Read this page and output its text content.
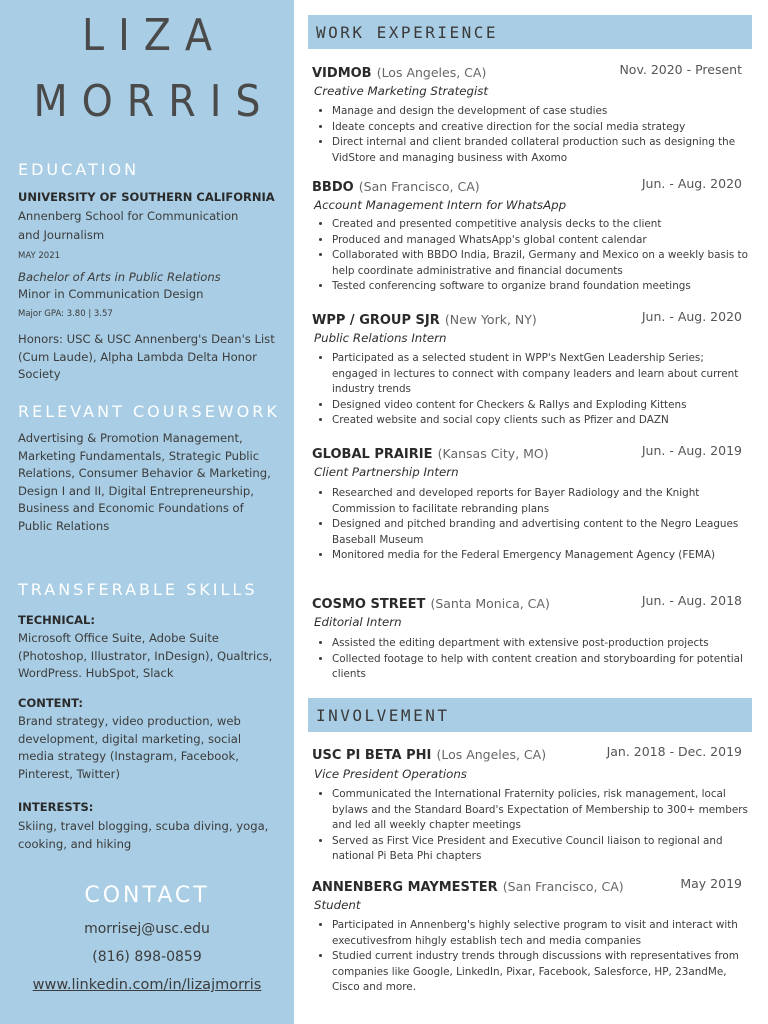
LIZA
MORRIS
EDUCATION
UNIVERSITY OF SOUTHERN CALIFORNIA
Annenberg School for Communication
and Journalism
MAY 2021
Bachelor of Arts in Public Relations
Minor in Communication Design
Major GPA: 3.80 | 3.57
Honors: USC & USC Annenberg's Dean's List (Cum Laude), Alpha Lambda Delta Honor Society
RELEVANT COURSEWORK
Advertising & Promotion Management, Marketing Fundamentals, Strategic Public Relations, Consumer Behavior & Marketing, Design I and II, Digital Entrepreneurship, Business and Economic Foundations of Public Relations
TRANSFERABLE SKILLS
TECHNICAL:
Microsoft Office Suite, Adobe Suite (Photoshop, Illustrator, InDesign), Qualtrics, WordPress. HubSpot, Slack
CONTENT:
Brand strategy, video production, web development, digital marketing, social media strategy (Instagram, Facebook, Pinterest, Twitter)
INTERESTS:
Skiing, travel blogging, scuba diving, yoga, cooking, and hiking
CONTACT
morrisej@usc.edu
(816) 898-0859
www.linkedin.com/in/lizajmorris
WORK EXPERIENCE
VIDMOB (Los Angeles, CA)	Nov. 2020 - Present
Creative Marketing Strategist
• Manage and design the development of case studies
• Ideate concepts and creative direction for the social media strategy
• Direct internal and client branded collateral production such as designing the VidStore and managing business with Axomo
BBDO (San Francisco, CA)	Jun. - Aug. 2020
Account Management Intern for WhatsApp
• Created and presented competitive analysis decks to the client
• Produced and managed WhatsApp's global content calendar
• Collaborated with BBDO India, Brazil, Germany and Mexico on a weekly basis to help coordinate administrative and financial documents
• Tested conferencing software to organize brand foundation meetings
WPP / GROUP SJR (New York, NY)	Jun. - Aug. 2020
Public Relations Intern
• Participated as a selected student in WPP's NextGen Leadership Series; engaged in lectures to connect with company leaders and learn about current industry trends
• Designed video content for Checkers & Rallys and Exploding Kittens
• Created website and social copy clients such as Pfizer and DAZN
GLOBAL PRAIRIE (Kansas City, MO)	Jun. - Aug. 2019
Client Partnership Intern
• Researched and developed reports for Bayer Radiology and the Knight Commission to facilitate rebranding plans
• Designed and pitched branding and advertising content to the Negro Leagues Baseball Museum
• Monitored media for the Federal Emergency Management Agency (FEMA)
COSMO STREET (Santa Monica, CA)	Jun. - Aug. 2018
Editorial Intern
• Assisted the editing department with extensive post-production projects
• Collected footage to help with content creation and storyboarding for potential clients
INVOLVEMENT
USC PI BETA PHI (Los Angeles, CA)	Jan. 2018 - Dec. 2019
Vice President Operations
• Communicated the International Fraternity policies, risk management, local bylaws and the Standard Board's Expectation of Membership to 300+ members and led all weekly chapter meetings
• Served as First Vice President and Executive Council liaison to regional and national Pi Beta Phi chapters
ANNENBERG MAYMESTER (San Francisco, CA)	May 2019
Student
• Participated in Annenberg's highly selective program to visit and interact with executivesfrom hihgly establish tech and media companies
• Studied current industry trends through discussions with representatives from companies like Google, LinkedIn, Pixar, Facebook, Salesforce, HP, 23andMe, Cisco and more.
